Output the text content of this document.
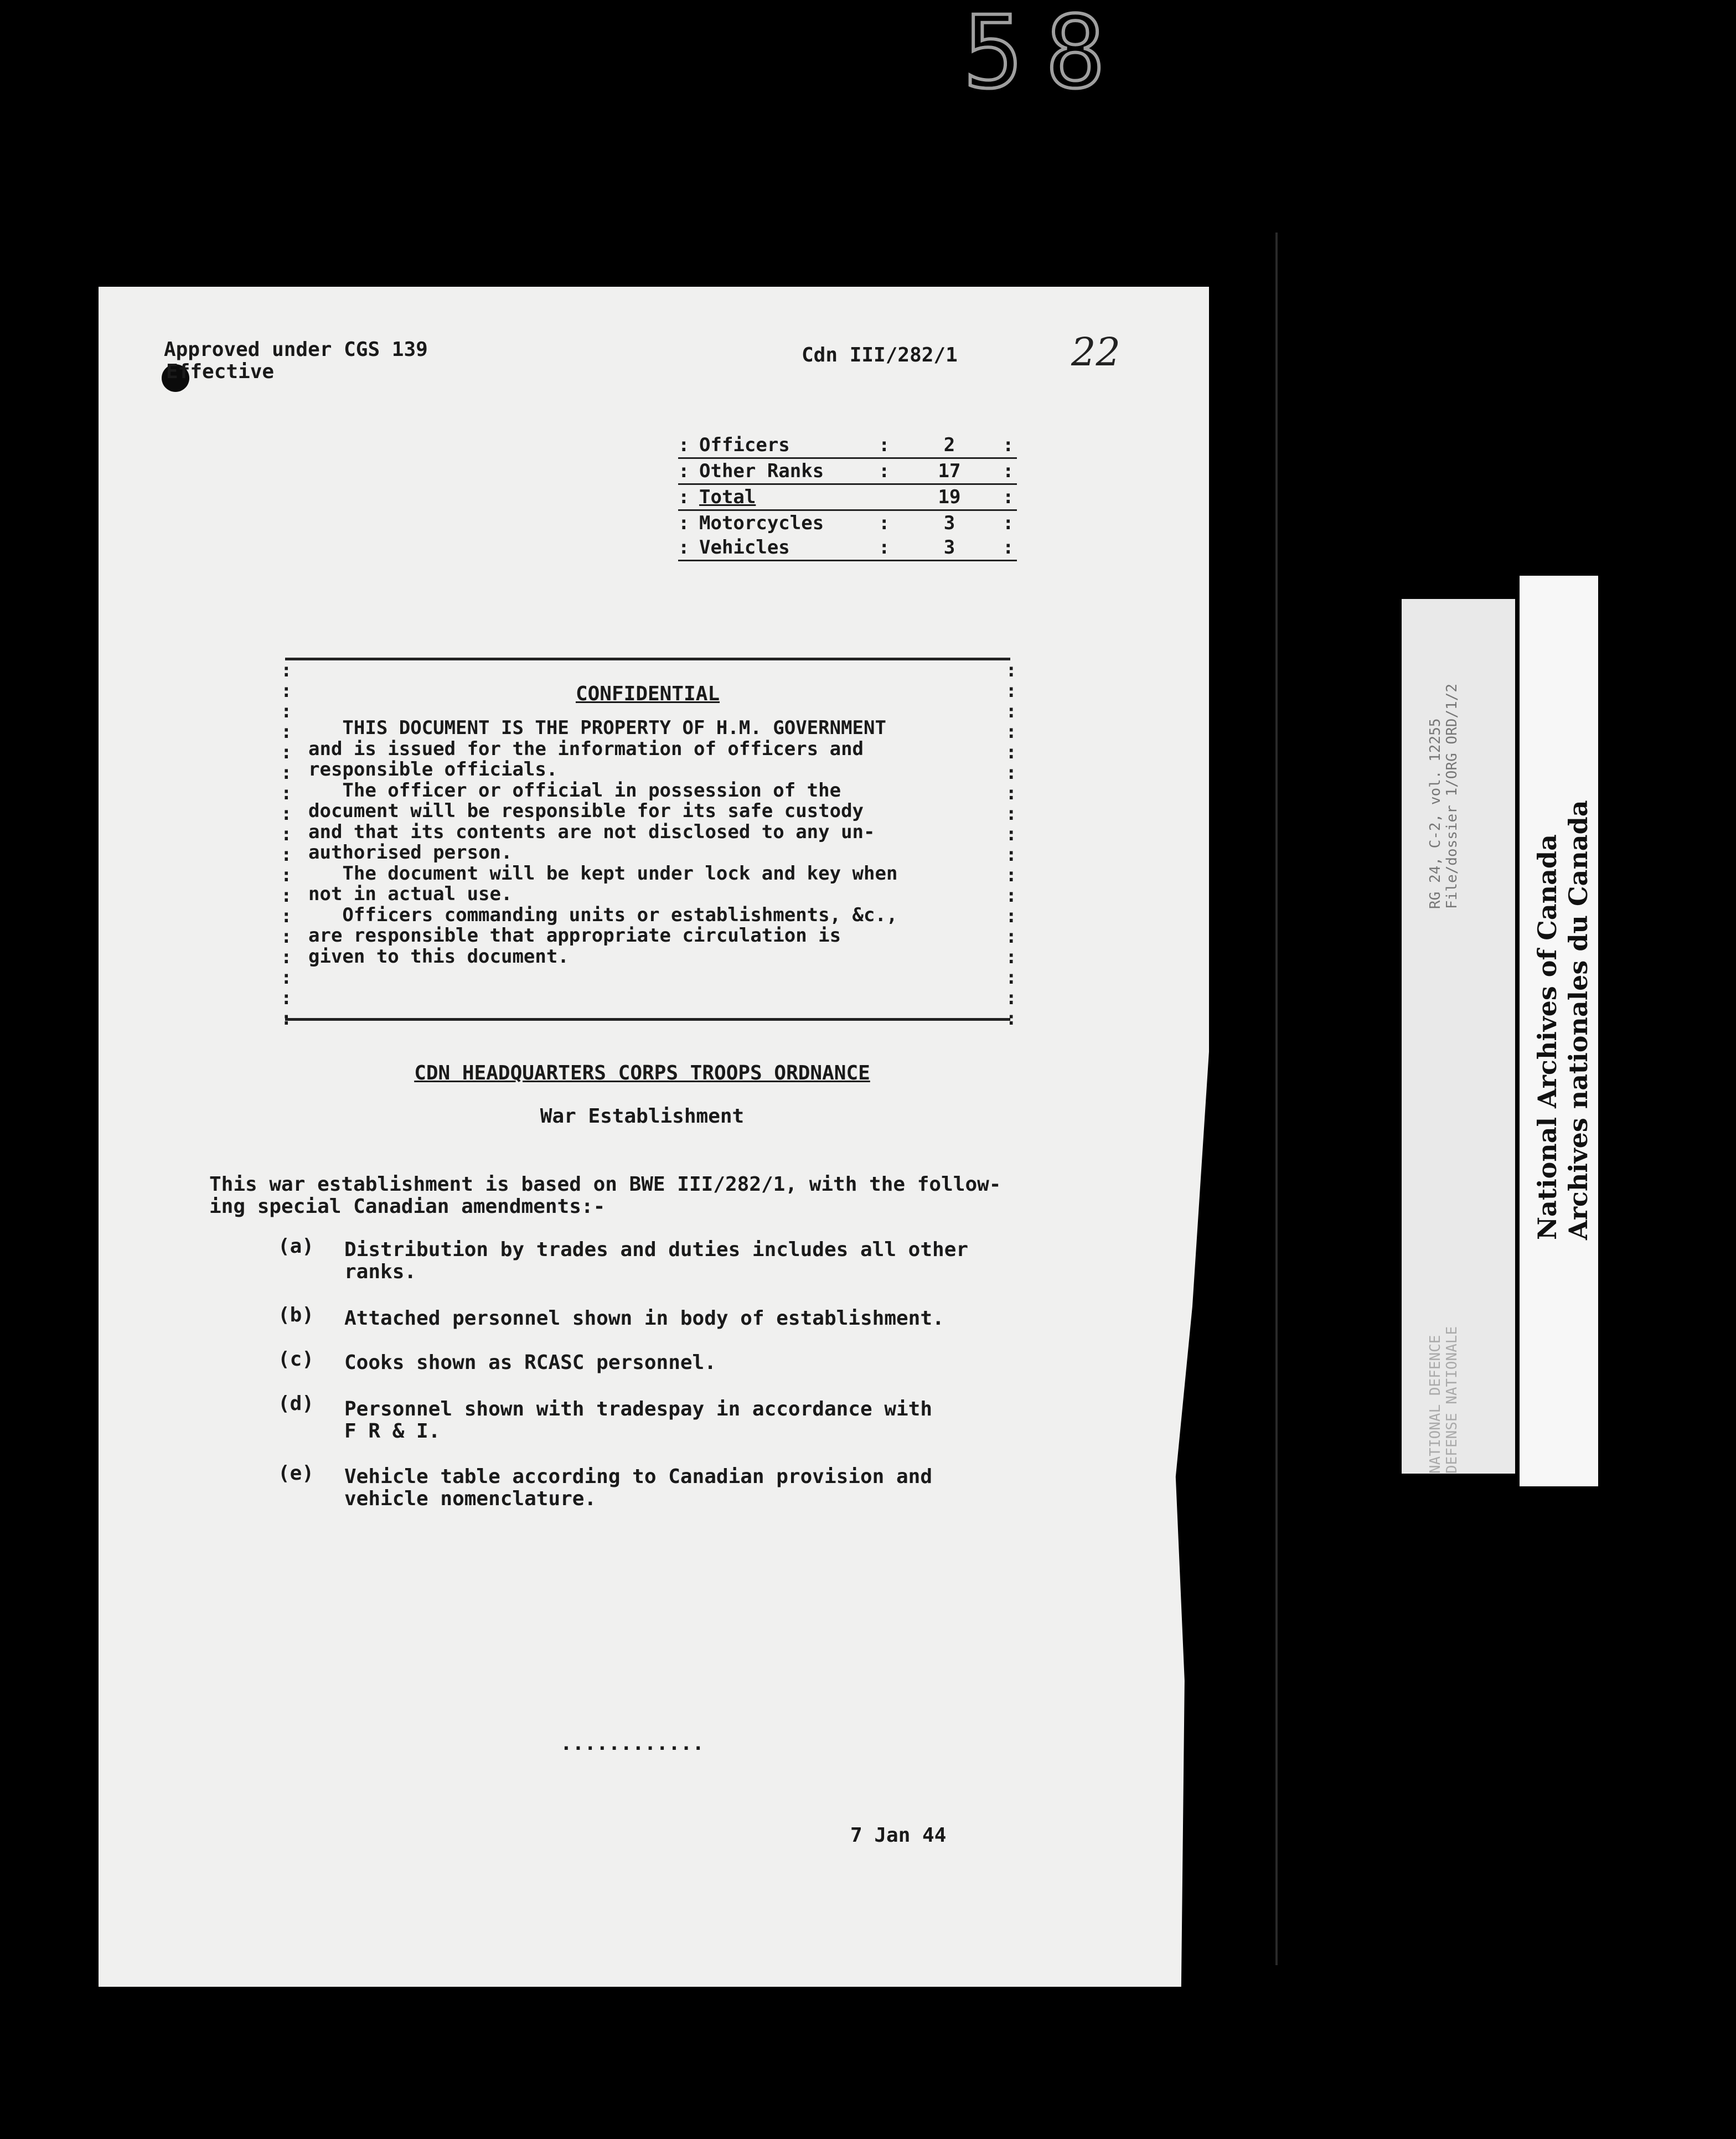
58
Approved under CGS 139
Effective
Cdn III/282/1	22
: Officers	:	2	:
: Other Ranks	:	17	:
: Total	19	:
: Motorcycles	:	3	:
: Vehicles	:	3	:
:
:
:
:
:
:
:
:
:
:
:
:
:
:
:
:
:
:
:
:
:
:
:
:
:
:
:
:
:
:
:
:
:
:
:
:
CONFIDENTIAL
THIS DOCUMENT IS THE PROPERTY OF H.M. GOVERNMENT
and is issued for the information of officers and
responsible officials.
The officer or official in possession of the
document will be responsible for its safe custody
and that its contents are not disclosed to any un-
authorised person.
The document will be kept under lock and key when
not in actual use.
Officers commanding units or establishments, &c.,
are responsible that appropriate circulation is
given to this document.
CDN HEADQUARTERS CORPS TROOPS ORDNANCE
War Establishment
This war establishment is based on BWE III/282/1, with the follow-
ing special Canadian amendments:-
(a) Distribution by trades and duties includes all other
ranks.
(b) Attached personnel shown in body of establishment.
(c) Cooks shown as RCASC personnel.
(d) Personnel shown with tradespay in accordance with
F R & I.
(e) Vehicle table according to Canadian provision and
vehicle nomenclature.
............
7 Jan 44
RG 24, C-2, vol. 12255
File/dossier 1/ORG ORD/1/2
NATIONAL DEFENCE
DEFENSE NATIONALE
National Archives of Canada
Archives nationales du Canada
